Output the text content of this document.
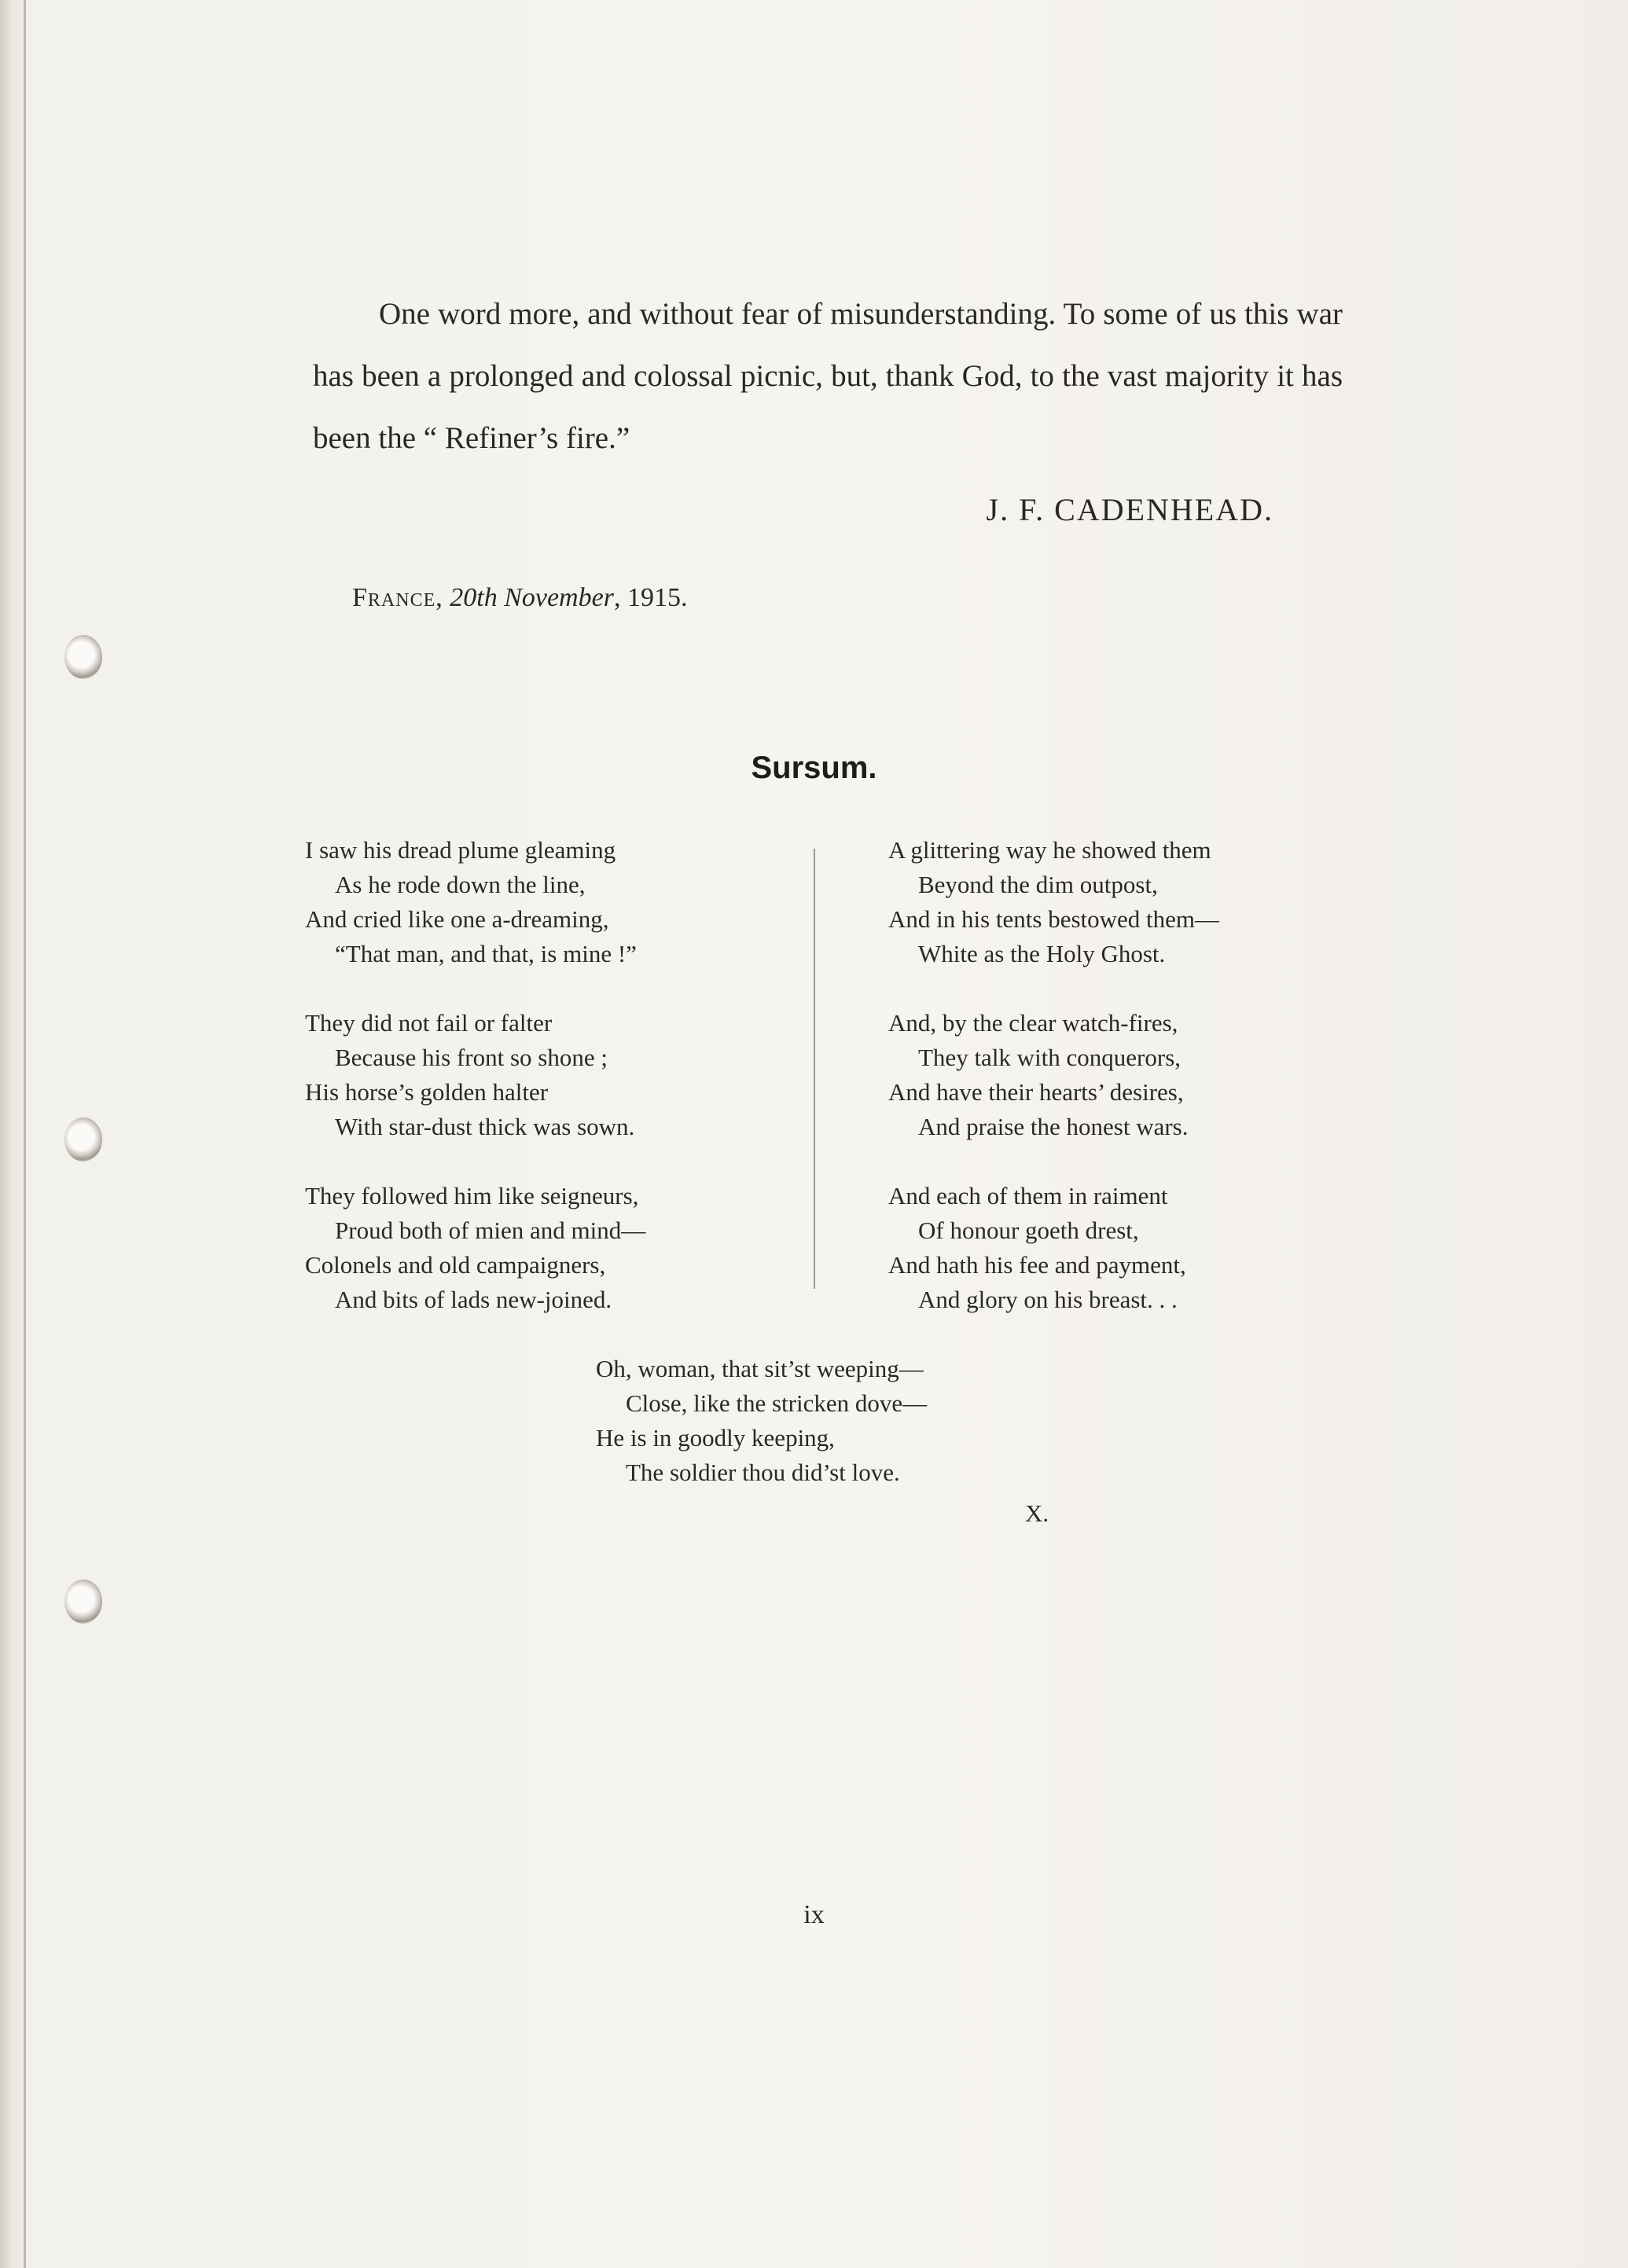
One word more, and without fear of misunderstanding. To some of us this war has been a prolonged and colossal picnic, but, thank God, to the vast majority it has been the “ Refiner’s fire.”

J. F. CADENHEAD.
France, 20th November, 1915.
Sursum.
I saw his dread plume gleaming
As he rode down the line,
And cried like one a-dreaming,
“That man, and that, is mine !”
They did not fail or falter
Because his front so shone ;
His horse’s golden halter
With star-dust thick was sown.
They followed him like seigneurs,
Proud both of mien and mind—
Colonels and old campaigners,
And bits of lads new-joined.
A glittering way he showed them
Beyond the dim outpost,
And in his tents bestowed them—
White as the Holy Ghost.
And, by the clear watch-fires,
They talk with conquerors,
And have their hearts’ desires,
And praise the honest wars.
And each of them in raiment
Of honour goeth drest,
And hath his fee and payment,
And glory on his breast. . .
Oh, woman, that sit’st weeping—
Close, like the stricken dove—
He is in goodly keeping,
The soldier thou did’st love.
X.
ix
